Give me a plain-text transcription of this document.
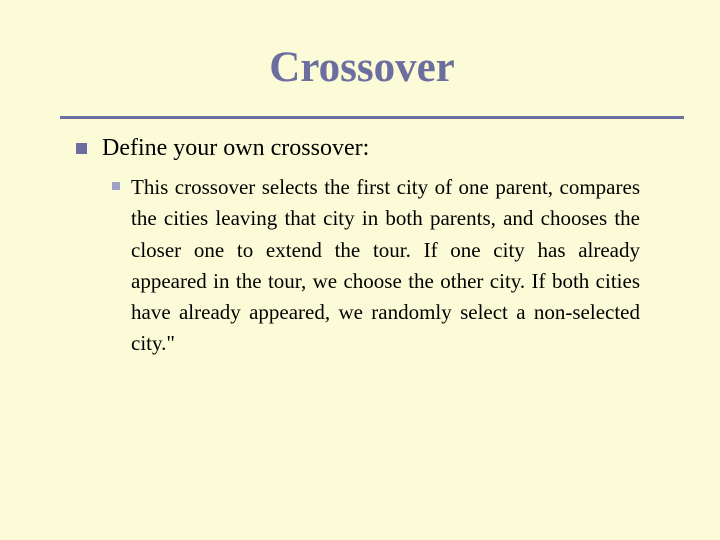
Crossover
Define your own crossover:
This crossover selects the first city of one parent, compares the cities leaving that city in both parents, and chooses the closer one to extend the tour. If one city has already appeared in the tour, we choose the other city. If both cities have already appeared, we randomly select a non-selected city."
